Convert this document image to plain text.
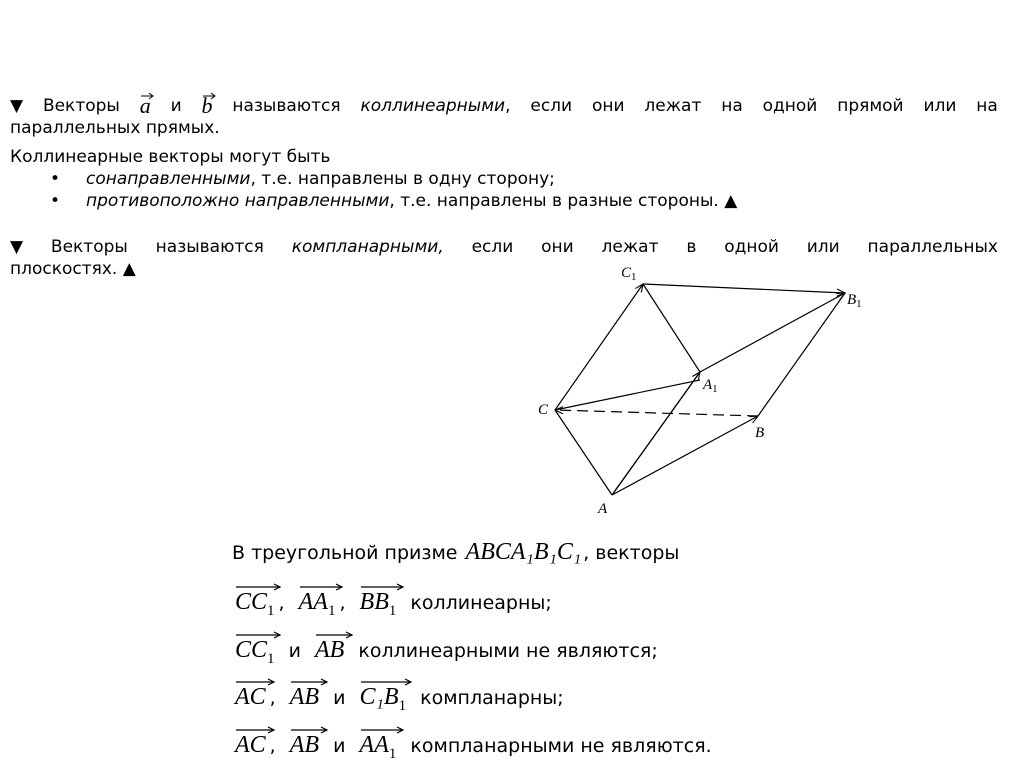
▼ Векторы a и b называются коллинеарными, если они лежат на одной прямой или на
параллельных прямых.
Коллинеарные векторы могут быть
•	сонаправленными, т.е. направлены в одну сторону;
•	противоположно направленными, т.е. направлены в разные стороны. ▲
▼ Векторы называются компланарными, если они лежат в одной или параллельных
плоскостях. ▲	$C_1$
$B_1$
$A_1$
C
B
A
В треугольной призме ABCA₁B₁C₁ , векторы
$CC_1$ , $AA_1$ , $BB_1$ коллинеарны;
$CC_1$ и AB коллинеарными не являются;
AC , AB и $C_1B_1$ компланарны;
AC , AB и $AA_1$ компланарными не являются.
